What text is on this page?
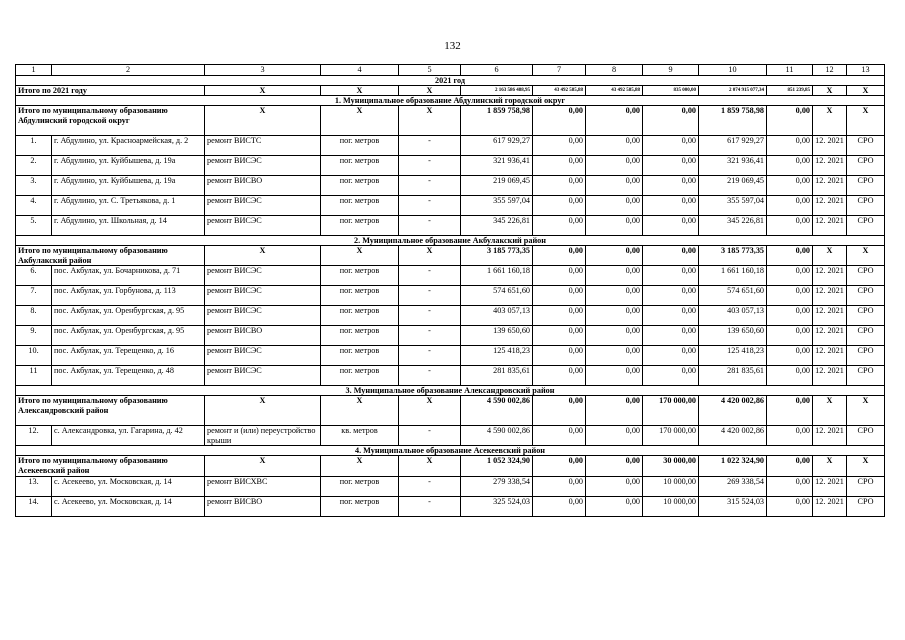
132
1	2	3	4	5	6	7	8	9	10	11	12	13
2021 год												
Итого по 2021 году		X	X	X	2 163 586 488,95	43 492 585,88	43 492 585,88	835 000,00	2 074 915 077,34	851 239,85	X	X
1. Муниципальное образование Абдулинский городской округ												
Итого по муниципальному образованию Абдулинский городской округ		X	X	X	1 859 758,98	0,00	0,00	0,00	1 859 758,98	0,00	X	X
1.	г. Абдулино, ул. Красноармейская, д. 2	ремонт ВИСТС	пог. метров	-	617 929,27	0,00	0,00	0,00	617 929,27	0,00	12. 2021	СРО
2.	г. Абдулино, ул. Куйбышева, д. 19а	ремонт ВИСЭС	пог. метров	-	321 936,41	0,00	0,00	0,00	321 936,41	0,00	12. 2021	СРО
3.	г. Абдулино, ул. Куйбышева, д. 19а	ремонт ВИСВО	пог. метров	-	219 069,45	0,00	0,00	0,00	219 069,45	0,00	12. 2021	СРО
4.	г. Абдулино, ул. С. Третьякова, д. 1	ремонт ВИСЭС	пог. метров	-	355 597,04	0,00	0,00	0,00	355 597,04	0,00	12. 2021	СРО
5.	г. Абдулино, ул. Школьная, д. 14	ремонт ВИСЭС	пог. метров	-	345 226,81	0,00	0,00	0,00	345 226,81	0,00	12. 2021	СРО
2. Муниципальное образование Акбулакский район												
Итого по муниципальному образованию Акбулакский район		X	X	X	3 185 773,35	0,00	0,00	0,00	3 185 773,35	0,00	X	X
6.	пос. Акбулак, ул. Бочарникова, д. 71	ремонт ВИСЭС	пог. метров	-	1 661 160,18	0,00	0,00	0,00	1 661 160,18	0,00	12. 2021	СРО
7.	пос. Акбулак, ул. Горбунова, д. 113	ремонт ВИСЭС	пог. метров	-	574 651,60	0,00	0,00	0,00	574 651,60	0,00	12. 2021	СРО
8.	пос. Акбулак, ул. Оренбургская, д. 95	ремонт ВИСЭС	пог. метров	-	403 057,13	0,00	0,00	0,00	403 057,13	0,00	12. 2021	СРО
9.	пос. Акбулак, ул. Оренбургская, д. 95	ремонт ВИСВО	пог. метров	-	139 650,60	0,00	0,00	0,00	139 650,60	0,00	12. 2021	СРО
10.	пос. Акбулак, ул. Терещенко, д. 16	ремонт ВИСЭС	пог. метров	-	125 418,23	0,00	0,00	0,00	125 418,23	0,00	12. 2021	СРО
11	пос. Акбулак, ул. Терещенко, д. 48	ремонт ВИСЭС	пог. метров	-	281 835,61	0,00	0,00	0,00	281 835,61	0,00	12. 2021	СРО
3. Муниципальное образование Александровский район												
Итого по муниципальному образованию Александровский район		X	X	X	4 590 002,86	0,00	0,00	170 000,00	4 420 002,86	0,00	X	X
12.	с. Александровка, ул. Гагарина, д. 42	ремонт и (или) переустройство крыши	кв. метров	-	4 590 002,86	0,00	0,00	170 000,00	4 420 002,86	0,00	12. 2021	СРО
4. Муниципальное образование Асекеевский район												
Итого по муниципальному образованию Асекеевский район		X	X	X	1 052 324,90	0,00	0,00	30 000,00	1 022 324,90	0,00	X	X
13.	с. Асекеево, ул. Московская, д. 14	ремонт ВИСХВС	пог. метров	-	279 338,54	0,00	0,00	10 000,00	269 338,54	0,00	12. 2021	СРО
14.	с. Асекеево, ул. Московская, д. 14	ремонт ВИСВО	пог. метров	-	325 524,03	0,00	0,00	10 000,00	315 524,03	0,00	12. 2021	СРО
